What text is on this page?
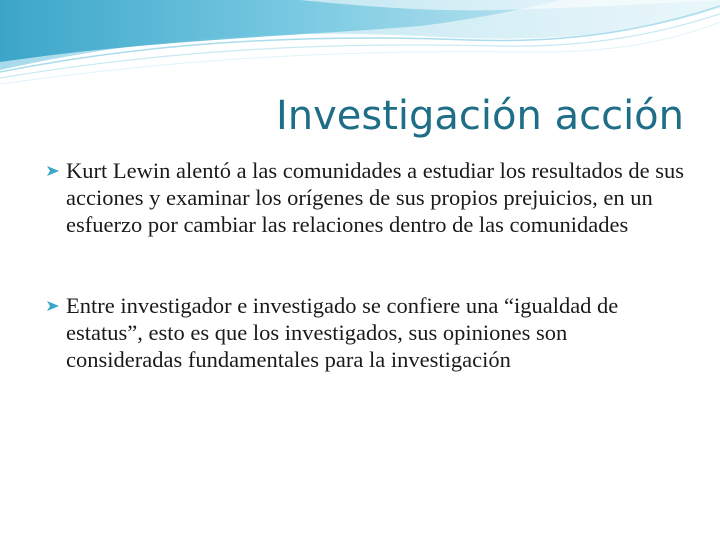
Investigación acción
Kurt Lewin alentó a las comunidades a estudiar los resultados de sus acciones y examinar los orígenes de sus propios prejuicios, en un esfuerzo por cambiar las relaciones dentro de las comunidades
Entre investigador e investigado se confiere una “igualdad de estatus”, esto es que los investigados, sus opiniones son consideradas fundamentales para la investigación
